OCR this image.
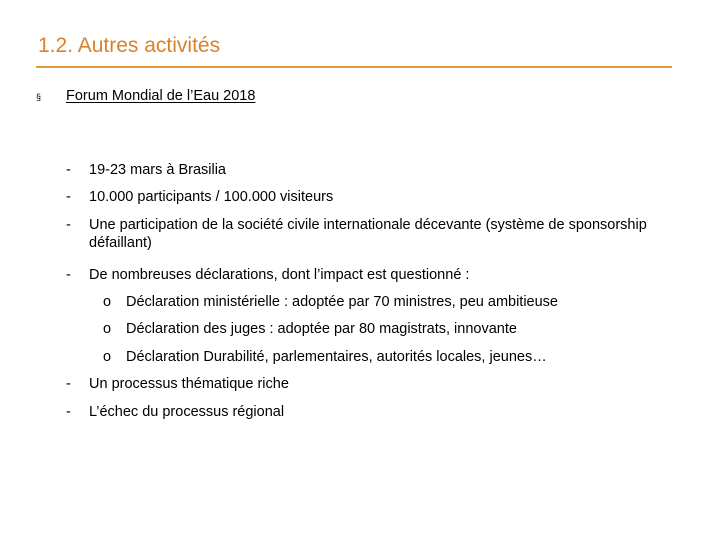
1.2. Autres activités
§ Forum Mondial de l’Eau 2018
-	19-23 mars à Brasilia
-	10.000 participants / 100.000 visiteurs
-	Une participation de la société civile internationale décevante (système de sponsorship défaillant)
-	De nombreuses déclarations, dont l’impact est questionné :
o Déclaration ministérielle : adoptée par 70 ministres, peu ambitieuse
o Déclaration des juges : adoptée par 80 magistrats, innovante
o Déclaration Durabilité, parlementaires, autorités locales, jeunes…
-	Un processus thématique riche
-	L’échec du processus régional
